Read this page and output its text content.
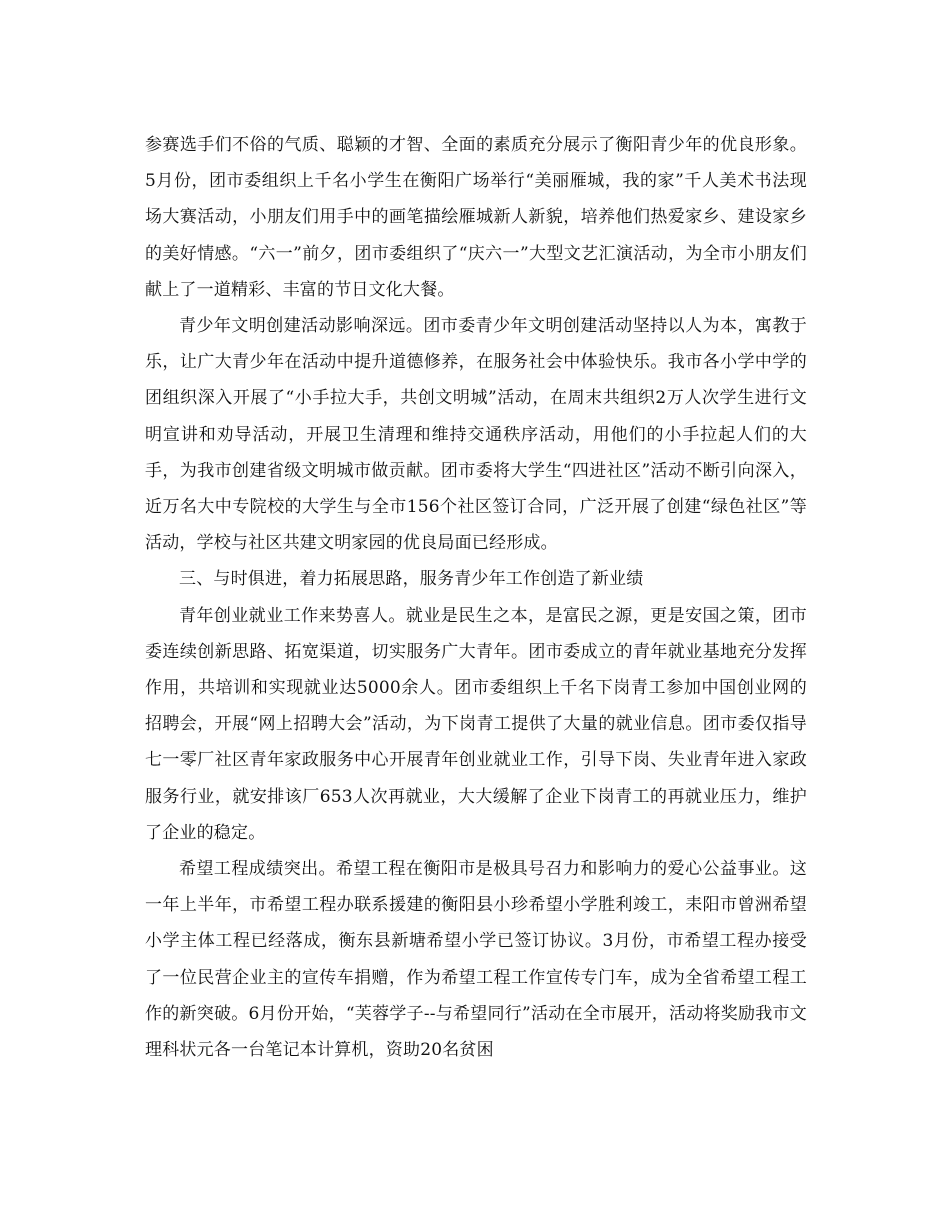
参赛选手们不俗的气质、聪颖的才智、全面的素质充分展示了衡阳青少年的优良形象。5月份，团市委组织上千名小学生在衡阳广场举行“美丽雁城，我的家”千人美术书法现场大赛活动，小朋友们用手中的画笔描绘雁城新人新貌，培养他们热爱家乡、建设家乡的美好情感。“六一”前夕，团市委组织了“庆六一”大型文艺汇演活动，为全市小朋友们献上了一道精彩、丰富的节日文化大餐。

青少年文明创建活动影响深远。团市委青少年文明创建活动坚持以人为本，寓教于乐，让广大青少年在活动中提升道德修养，在服务社会中体验快乐。我市各小学中学的团组织深入开展了“小手拉大手，共创文明城”活动，在周末共组织2万人次学生进行文明宣讲和劝导活动，开展卫生清理和维持交通秩序活动，用他们的小手拉起人们的大手，为我市创建省级文明城市做贡献。团市委将大学生“四进社区”活动不断引向深入，近万名大中专院校的大学生与全市156个社区签订合同，广泛开展了创建“绿色社区”等活动，学校与社区共建文明家园的优良局面已经形成。

三、与时俱进，着力拓展思路，服务青少年工作创造了新业绩

青年创业就业工作来势喜人。就业是民生之本，是富民之源，更是安国之策，团市委连续创新思路、拓宽渠道，切实服务广大青年。团市委成立的青年就业基地充分发挥作用，共培训和实现就业达5000余人。团市委组织上千名下岗青工参加中国创业网的招聘会，开展“网上招聘大会”活动，为下岗青工提供了大量的就业信息。团市委仅指导七一零厂社区青年家政服务中心开展青年创业就业工作，引导下岗、失业青年进入家政服务行业，就安排该厂653人次再就业，大大缓解了企业下岗青工的再就业压力，维护了企业的稳定。

希望工程成绩突出。希望工程在衡阳市是极具号召力和影响力的爱心公益事业。这一年上半年，市希望工程办联系援建的衡阳县小珍希望小学胜利竣工，耒阳市曾洲希望小学主体工程已经落成，衡东县新塘希望小学已签订协议。3月份，市希望工程办接受了一位民营企业主的宣传车捐赠，作为希望工程工作宣传专门车，成为全省希望工程工作的新突破。6月份开始，“芙蓉学子--与希望同行”活动在全市展开，活动将奖励我市文理科状元各一台笔记本计算机，资助20名贫困
